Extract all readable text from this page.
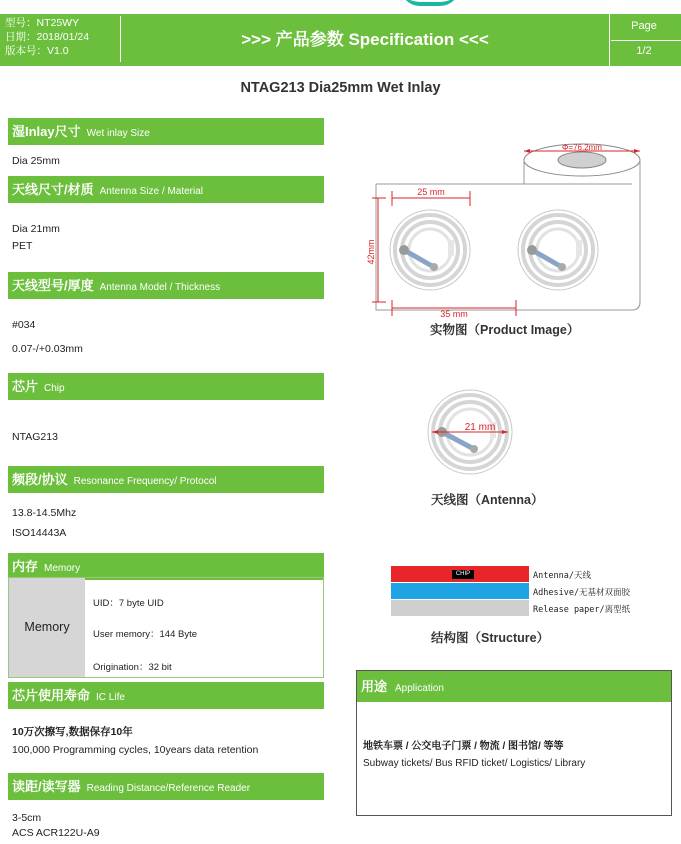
型号：NT25WY
日期：2018/01/24
版本号：V1.0
>>> 产品参数 Specification <<<
Page
1/2
NTAG213 Dia25mm Wet Inlay
湿Inlay尺寸 Wet inlay Size
Dia 25mm
天线尺寸/材质 Antenna Size / Material
Dia 21mm
PET
天线型号/厚度 Antenna Model / Thickness
#034
0.07-/+0.03mm
芯片 Chip
NTAG213
频段/协议 Resonance Frequency/ Protocol
13.8-14.5Mhz
ISO14443A
内存 Memory
Memory
UID：7 byte UID
User memory：144 Byte
Origination：32 bit
芯片使用寿命 IC Life
10万次擦写,数据保存10年
100,000 Programming cycles, 10years data retention
读距/读写器 Reading Distance/Reference Reader
3-5cm
ACS ACR122U-A9
Φ=76.2mm
25 mm
42mm
35 mm
实物图（Product Image）
21 mm
天线图（Antenna）
CHIP	Antenna/天线
Adhesive/无基材双面胶
Release paper/离型纸
结构图（Structure）
用途 Application
地铁车票 / 公交电子门票 / 物流 / 图书馆/ 等等
Subway tickets/ Bus RFID ticket/ Logistics/ Library
